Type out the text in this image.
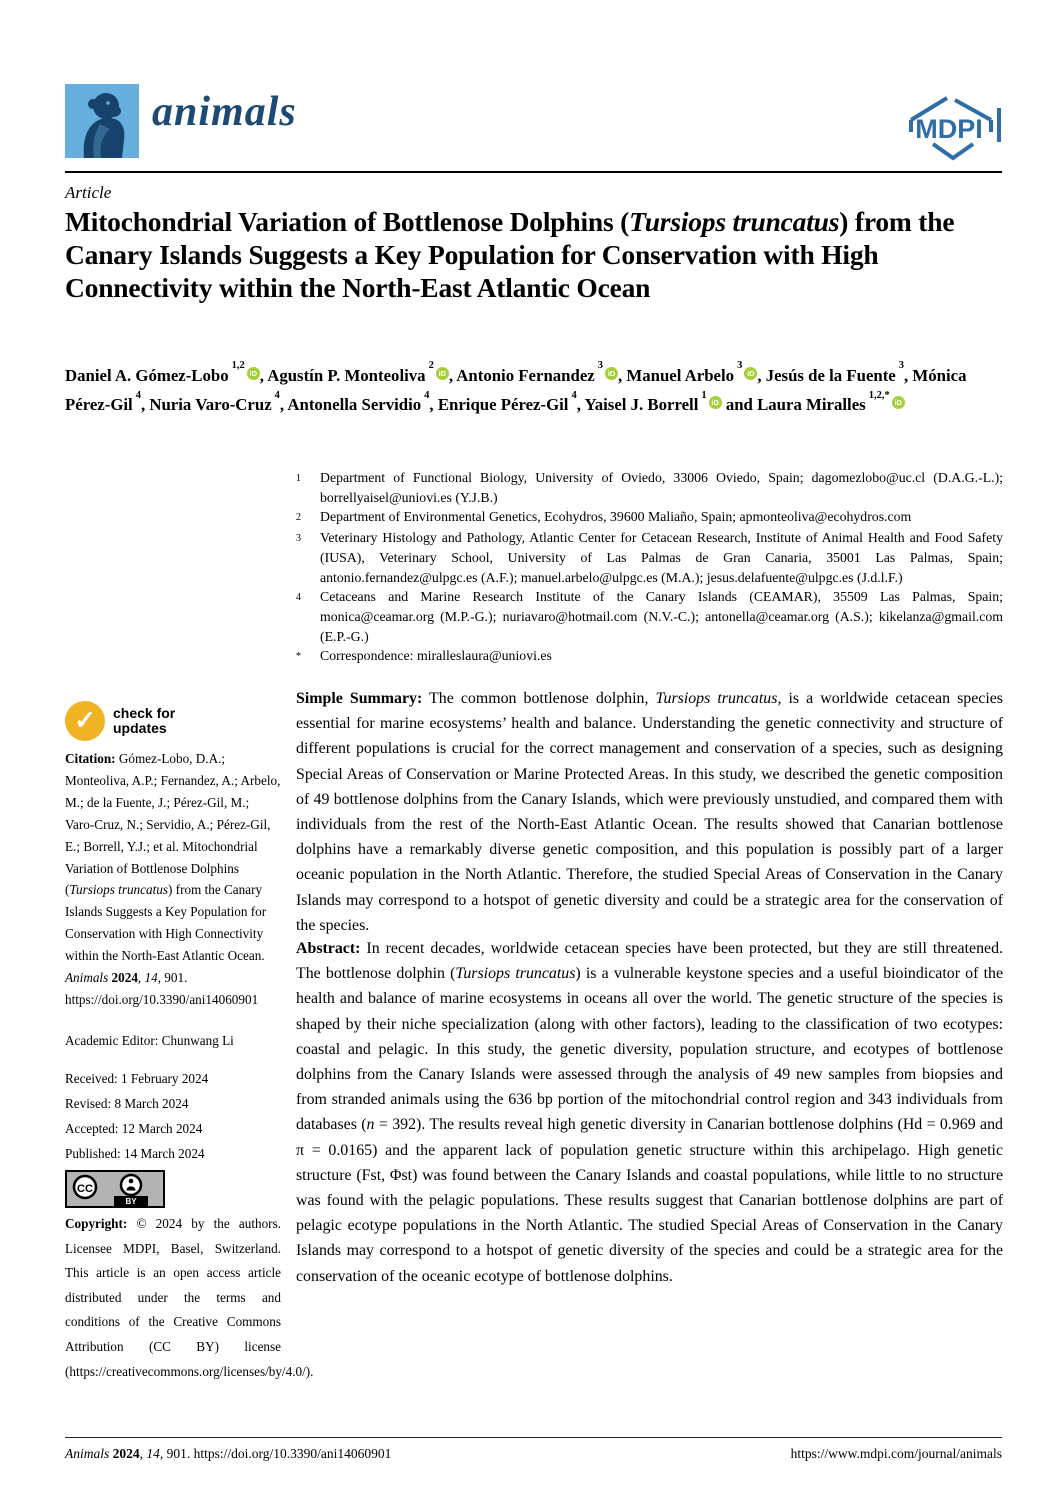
animals	MDPI
Article
Mitochondrial Variation of Bottlenose Dolphins (Tursiops truncatus) from the Canary Islands Suggests a Key Population for Conservation with High Connectivity within the North-East Atlantic Ocean

Daniel A. Gómez-Lobo$^{1,2}$iD , Agustín P. Monteoliva$^2$iD , Antonio Fernandez$^3$iD , Manuel Arbelo$^3$iD , Jesús de la Fuente$^3$, Mónica Pérez-Gil$^4$, Nuria Varo-Cruz$^4$, Antonella Servidio$^4$, Enrique Pérez-Gil$^4$, Yaisel J. Borrell$^1$iD and Laura Miralles$^{1,2,*}$iD

1	Department of Functional Biology, University of Oviedo, 33006 Oviedo, Spain; dagomezlobo@uc.cl (D.A.G.-L.); borrellyaisel@uniovi.es (Y.J.B.)
2	Department of Environmental Genetics, Ecohydros, 39600 Maliaño, Spain; apmonteoliva@ecohydros.com
3	Veterinary Histology and Pathology, Atlantic Center for Cetacean Research, Institute of Animal Health and Food Safety (IUSA), Veterinary School, University of Las Palmas de Gran Canaria, 35001 Las Palmas, Spain; antonio.fernandez@ulpgc.es (A.F.); manuel.arbelo@ulpgc.es (M.A.); jesus.delafuente@ulpgc.es (J.d.l.F.)
4	Cetaceans and Marine Research Institute of the Canary Islands (CEAMAR), 35509 Las Palmas, Spain; monica@ceamar.org (M.P.-G.); nuriavaro@hotmail.com (N.V.-C.); antonella@ceamar.org (A.S.); kikelanza@gmail.com (E.P.-G.)
*	Correspondence: miralleslaura@uniovi.es
✓	check for
updates

Citation: Gómez-Lobo, D.A.; Monteoliva, A.P.; Fernandez, A.; Arbelo, M.; de la Fuente, J.; Pérez-Gil, M.; Varo-Cruz, N.; Servidio, A.; Pérez-Gil, E.; Borrell, Y.J.; et al. Mitochondrial Variation of Bottlenose Dolphins (Tursiops truncatus) from the Canary Islands Suggests a Key Population for Conservation with High Connectivity within the North-East Atlantic Ocean. Animals 2024, 14, 901. https://doi.org/10.3390/ani14060901

Academic Editor: Chunwang Li
Received: 1 February 2024
Revised: 8 March 2024
Accepted: 12 March 2024
Published: 14 March 2024
CC
BY

Copyright: © 2024 by the authors. Licensee MDPI, Basel, Switzerland. This article is an open access article distributed under the terms and conditions of the Creative Commons Attribution (CC BY) license (https://creativecommons.org/licenses/by/4.0/).

Simple Summary: The common bottlenose dolphin, Tursiops truncatus, is a worldwide cetacean species essential for marine ecosystems’ health and balance. Understanding the genetic connectivity and structure of different populations is crucial for the correct management and conservation of a species, such as designing Special Areas of Conservation or Marine Protected Areas. In this study, we described the genetic composition of 49 bottlenose dolphins from the Canary Islands, which were previously unstudied, and compared them with individuals from the rest of the North-East Atlantic Ocean. The results showed that Canarian bottlenose dolphins have a remarkably diverse genetic composition, and this population is possibly part of a larger oceanic population in the North Atlantic. Therefore, the studied Special Areas of Conservation in the Canary Islands may correspond to a hotspot of genetic diversity and could be a strategic area for the conservation of the species.

Abstract: In recent decades, worldwide cetacean species have been protected, but they are still threatened. The bottlenose dolphin (Tursiops truncatus) is a vulnerable keystone species and a useful bioindicator of the health and balance of marine ecosystems in oceans all over the world. The genetic structure of the species is shaped by their niche specialization (along with other factors), leading to the classification of two ecotypes: coastal and pelagic. In this study, the genetic diversity, population structure, and ecotypes of bottlenose dolphins from the Canary Islands were assessed through the analysis of 49 new samples from biopsies and from stranded animals using the 636 bp portion of the mitochondrial control region and 343 individuals from databases (n = 392). The results reveal high genetic diversity in Canarian bottlenose dolphins (Hd = 0.969 and π = 0.0165) and the apparent lack of population genetic structure within this archipelago. High genetic structure (Fst, Φst) was found between the Canary Islands and coastal populations, while little to no structure was found with the pelagic populations. These results suggest that Canarian bottlenose dolphins are part of pelagic ecotype populations in the North Atlantic. The studied Special Areas of Conservation in the Canary Islands may correspond to a hotspot of genetic diversity of the species and could be a strategic area for the conservation of the oceanic ecotype of bottlenose dolphins.

Animals 2024, 14, 901. https://doi.org/10.3390/ani14060901	https://www.mdpi.com/journal/animals
